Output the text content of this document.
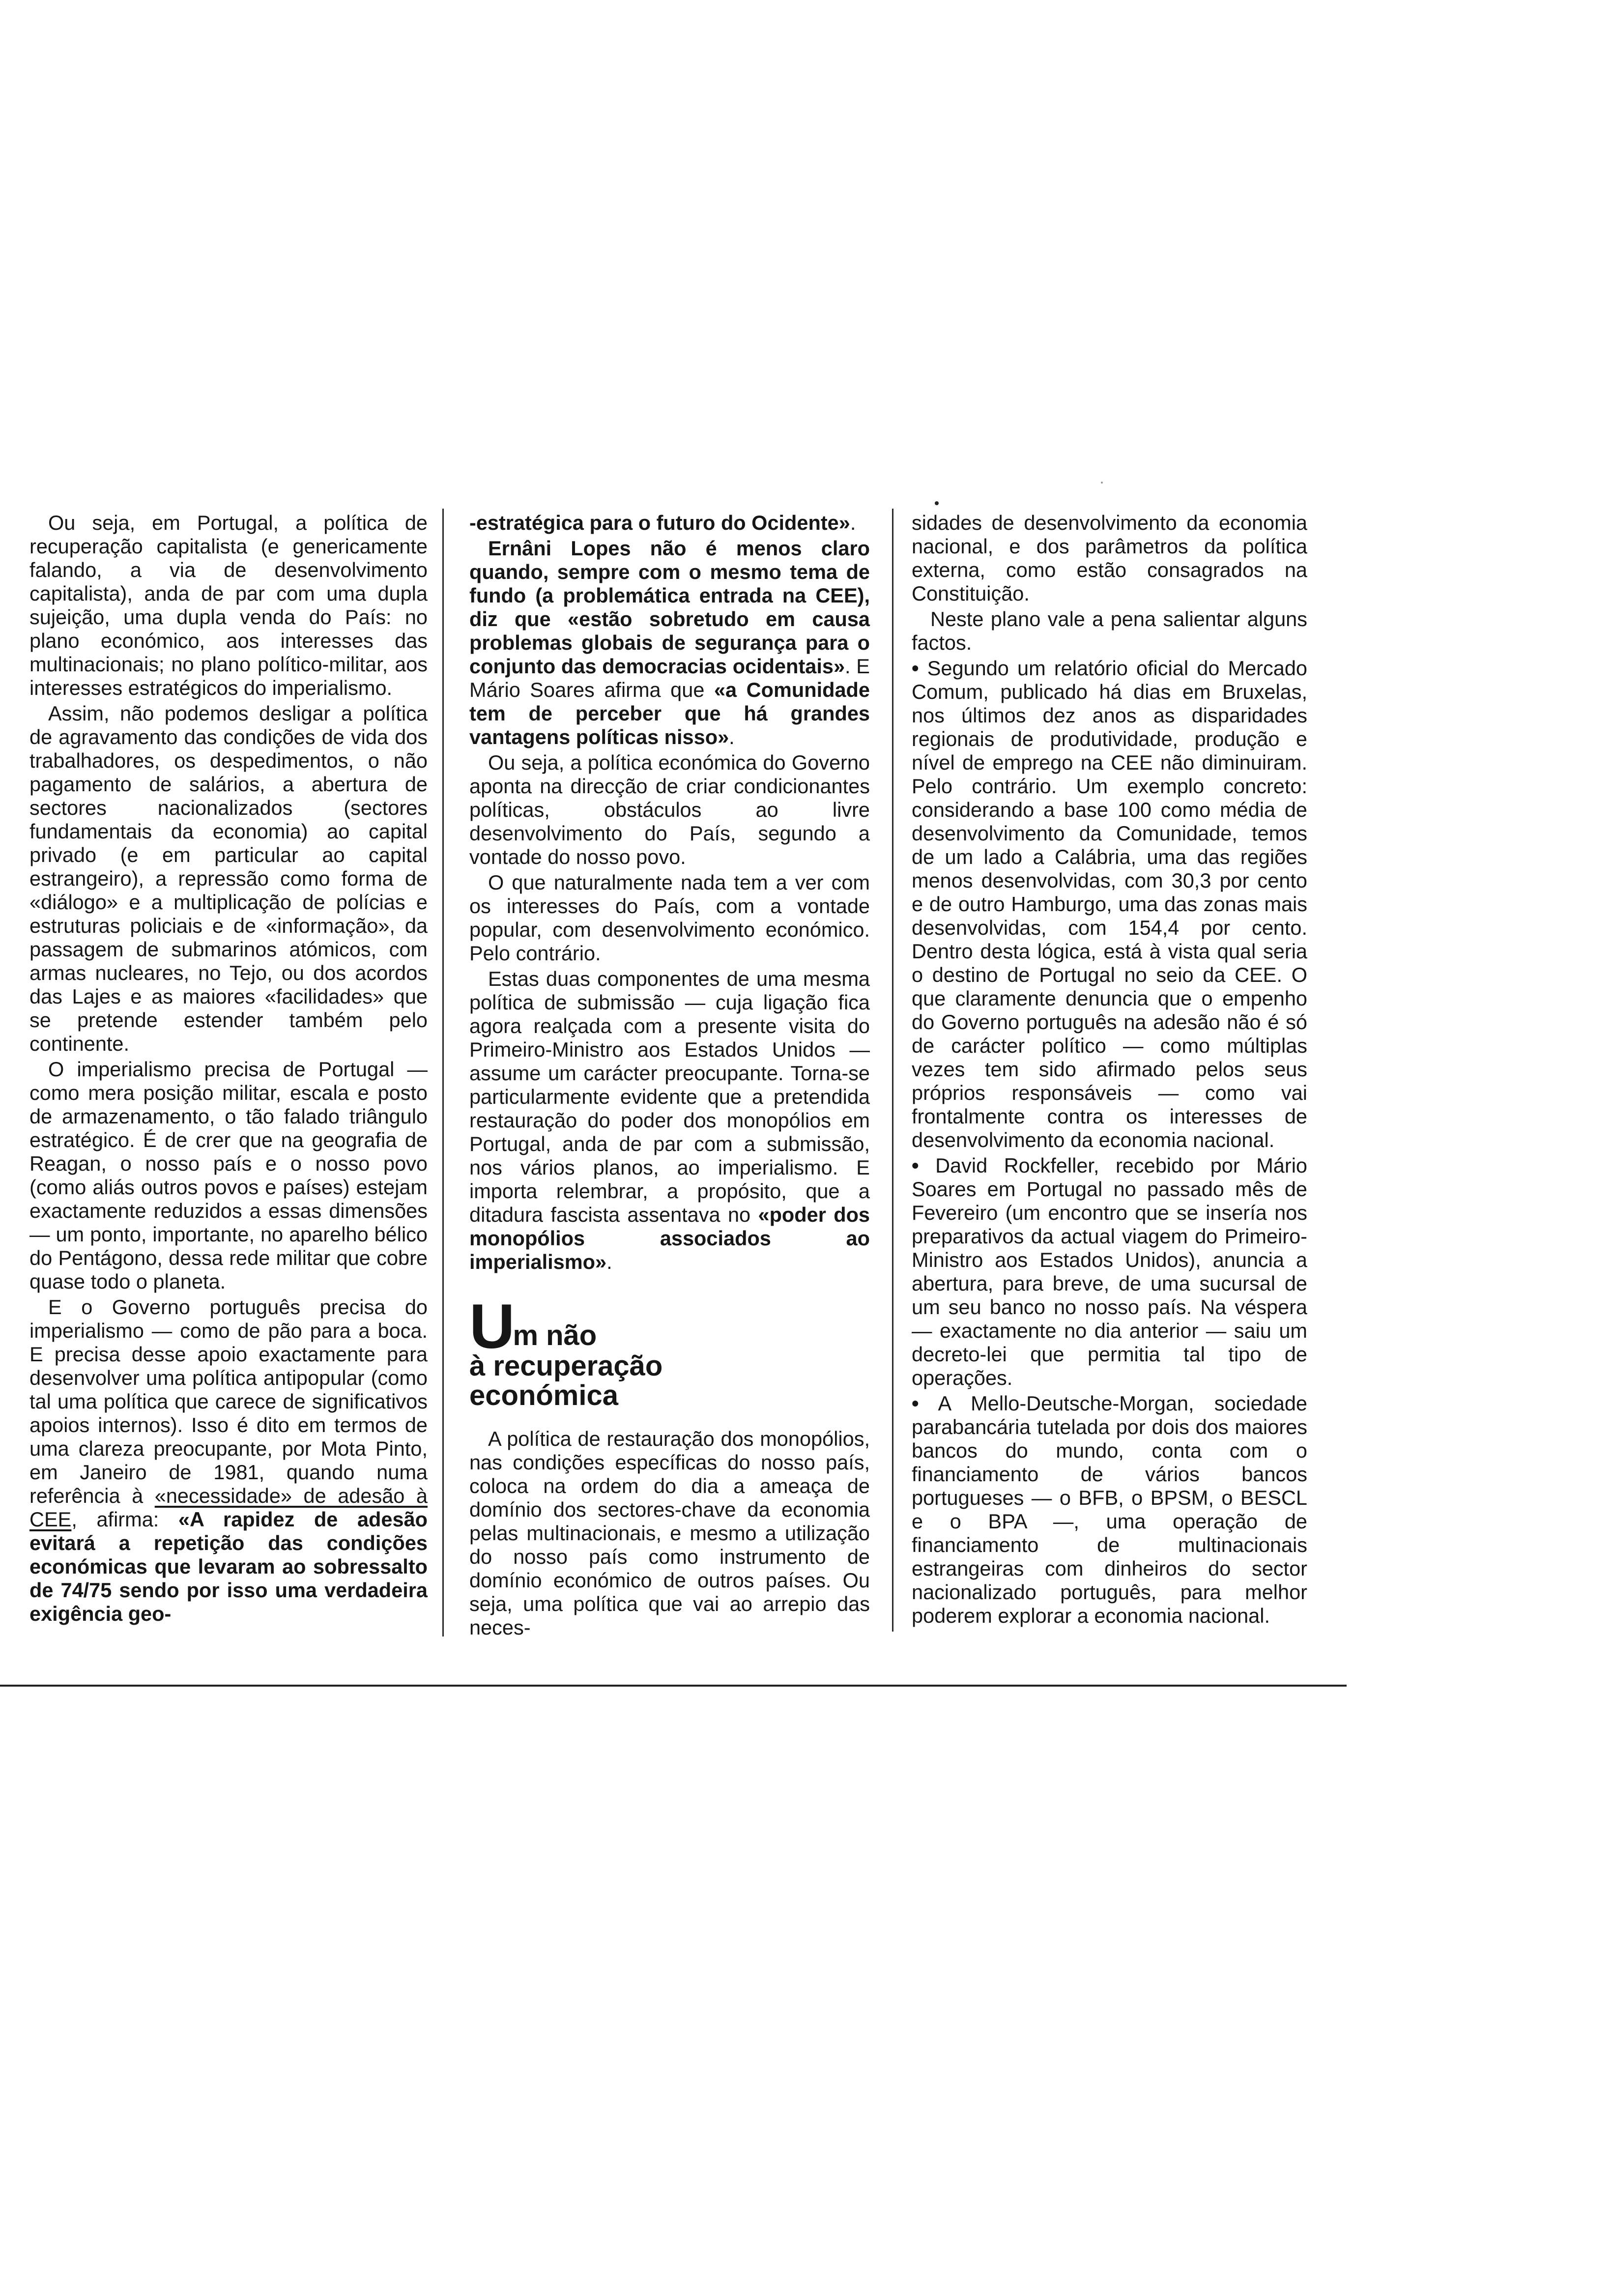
Ou seja, em Portugal, a política de recuperação capitalista (e genericamente falando, a via de desenvolvimento capitalista), anda de par com uma dupla sujeição, uma dupla venda do País: no plano económico, aos interesses das multinacionais; no plano político-militar, aos interesses estratégicos do imperialismo.

Assim, não podemos desligar a política de agravamento das condições de vida dos trabalhadores, os despedimentos, o não pagamento de salários, a abertura de sectores nacionalizados (sectores fundamentais da economia) ao capital privado (e em particular ao capital estrangeiro), a repressão como forma de «diálogo» e a multiplicação de polícias e estruturas policiais e de «informação», da passagem de submarinos atómicos, com armas nucleares, no Tejo, ou dos acordos das Lajes e as maiores «facilidades» que se pretende estender também pelo continente.

O imperialismo precisa de Portugal — como mera posição militar, escala e posto de armazenamento, o tão falado triângulo estratégico. É de crer que na geografia de Reagan, o nosso país e o nosso povo (como aliás outros povos e países) estejam exactamente reduzidos a essas dimensões — um ponto, importante, no aparelho bélico do Pentágono, dessa rede militar que cobre quase todo o planeta.

E o Governo português precisa do imperialismo — como de pão para a boca. E precisa desse apoio exactamente para desenvolver uma política antipopular (como tal uma política que carece de significativos apoios internos). Isso é dito em termos de uma clareza preocupante, por Mota Pinto, em Janeiro de 1981, quando numa referência à «necessidade» de adesão à CEE, afirma: «A rapidez de adesão evitará a repetição das condições económicas que levaram ao sobressalto de 74/75 sendo por isso uma verdadeira exigência geo-

-estratégica para o futuro do Ocidente».

Ernâni Lopes não é menos claro quando, sempre com o mesmo tema de fundo (a problemática entrada na CEE), diz que «estão sobretudo em causa problemas globais de segurança para o conjunto das democracias ocidentais». E Mário Soares afirma que «a Comunidade tem de perceber que há grandes vantagens políticas nisso».

Ou seja, a política económica do Governo aponta na direcção de criar condicionantes políticas, obstáculos ao livre desenvolvimento do País, segundo a vontade do nosso povo.

O que naturalmente nada tem a ver com os interesses do País, com a vontade popular, com desenvolvimento económico. Pelo contrário.

Estas duas componentes de uma mesma política de submissão — cuja ligação fica agora realçada com a presente visita do Primeiro-Ministro aos Estados Unidos — assume um carácter preocupante. Torna-se particularmente evidente que a pretendida restauração do poder dos monopólios em Portugal, anda de par com a submissão, nos vários planos, ao imperialismo. E importa relembrar, a propósito, que a ditadura fascista assentava no «poder dos monopólios associados ao imperialismo».

Um não
à recuperação
económica

A política de restauração dos monopólios, nas condições específicas do nosso país, coloca na ordem do dia a ameaça de domínio dos sectores-chave da economia pelas multinacionais, e mesmo a utilização do nosso país como instrumento de domínio económico de outros países. Ou seja, uma política que vai ao arrepio das neces-

sidades de desenvolvimento da economia nacional, e dos parâmetros da política externa, como estão consagrados na Constituição.

Neste plano vale a pena salientar alguns factos.

• Segundo um relatório oficial do Mercado Comum, publicado há dias em Bruxelas, nos últimos dez anos as disparidades regionais de produtividade, produção e nível de emprego na CEE não diminuiram. Pelo contrário. Um exemplo concreto: considerando a base 100 como média de desenvolvimento da Comunidade, temos de um lado a Calábria, uma das regiões menos desenvolvidas, com 30,3 por cento e de outro Hamburgo, uma das zonas mais desenvolvidas, com 154,4 por cento. Dentro desta lógica, está à vista qual seria o destino de Portugal no seio da CEE. O que claramente denuncia que o empenho do Governo português na adesão não é só de carácter político — como múltiplas vezes tem sido afirmado pelos seus próprios responsáveis — como vai frontalmente contra os interesses de desenvolvimento da economia nacional.

• David Rockfeller, recebido por Mário Soares em Portugal no passado mês de Fevereiro (um encontro que se insería nos preparativos da actual viagem do Primeiro-Ministro aos Estados Unidos), anuncia a abertura, para breve, de uma sucursal de um seu banco no nosso país. Na véspera — exactamente no dia anterior — saiu um decreto-lei que permitia tal tipo de operações.

• A Mello-Deutsche-Morgan, sociedade parabancária tutelada por dois dos maiores bancos do mundo, conta com o financiamento de vários bancos portugueses — o BFB, o BPSM, o BESCL e o BPA —, uma operação de financiamento de multinacionais estrangeiras com dinheiros do sector nacionalizado português, para melhor poderem explorar a economia nacional.
